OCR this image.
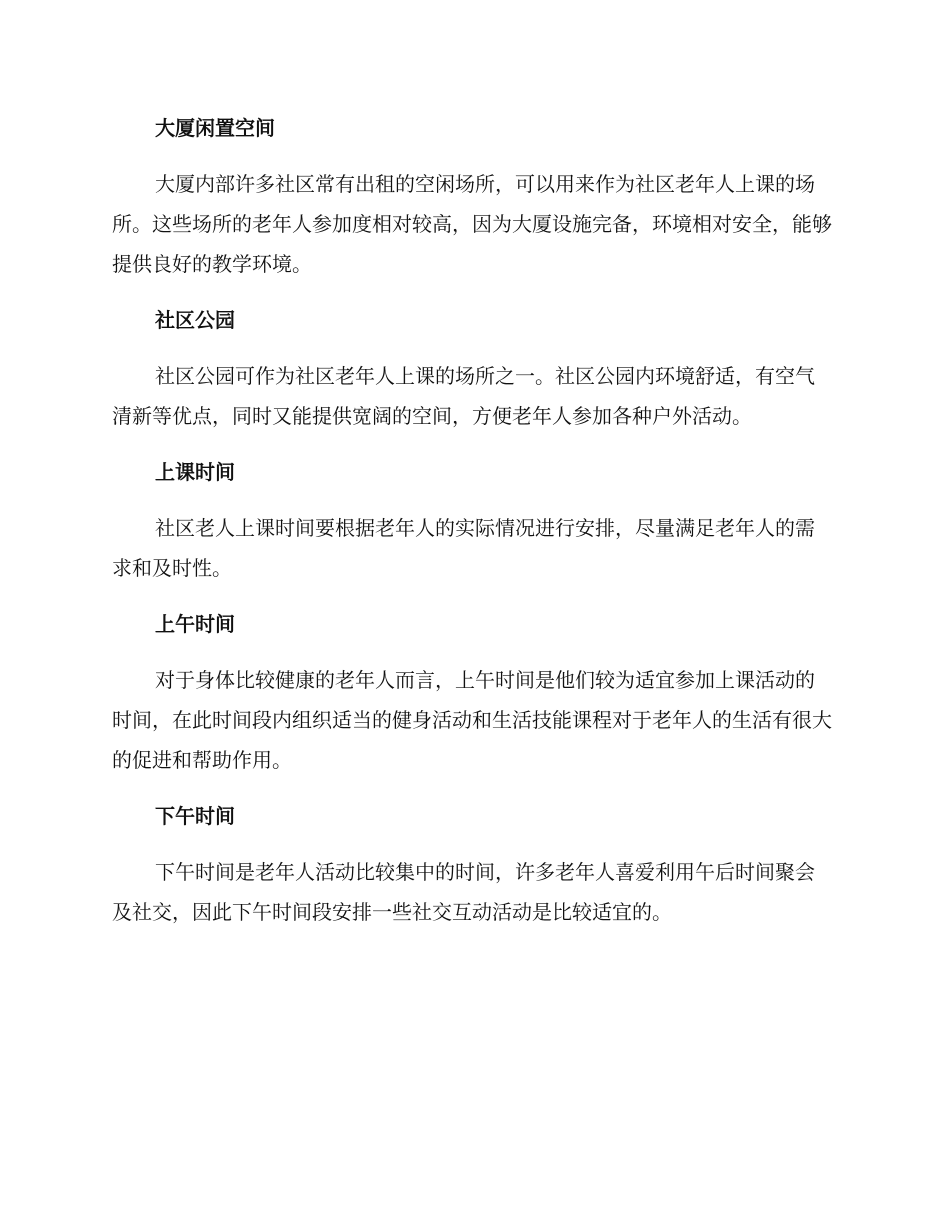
大厦闲置空间

大厦内部许多社区常有出租的空闲场所，可以用来作为社区老年人上课的场所。这些场所的老年人参加度相对较高，因为大厦设施完备，环境相对安全，能够提供良好的教学环境。

社区公园

社区公园可作为社区老年人上课的场所之一。社区公园内环境舒适，有空气清新等优点，同时又能提供宽阔的空间，方便老年人参加各种户外活动。

上课时间

社区老人上课时间要根据老年人的实际情况进行安排，尽量满足老年人的需求和及时性。

上午时间

对于身体比较健康的老年人而言，上午时间是他们较为适宜参加上课活动的时间，在此时间段内组织适当的健身活动和生活技能课程对于老年人的生活有很大的促进和帮助作用。

下午时间

下午时间是老年人活动比较集中的时间，许多老年人喜爱利用午后时间聚会及社交，因此下午时间段安排一些社交互动活动是比较适宜的。
